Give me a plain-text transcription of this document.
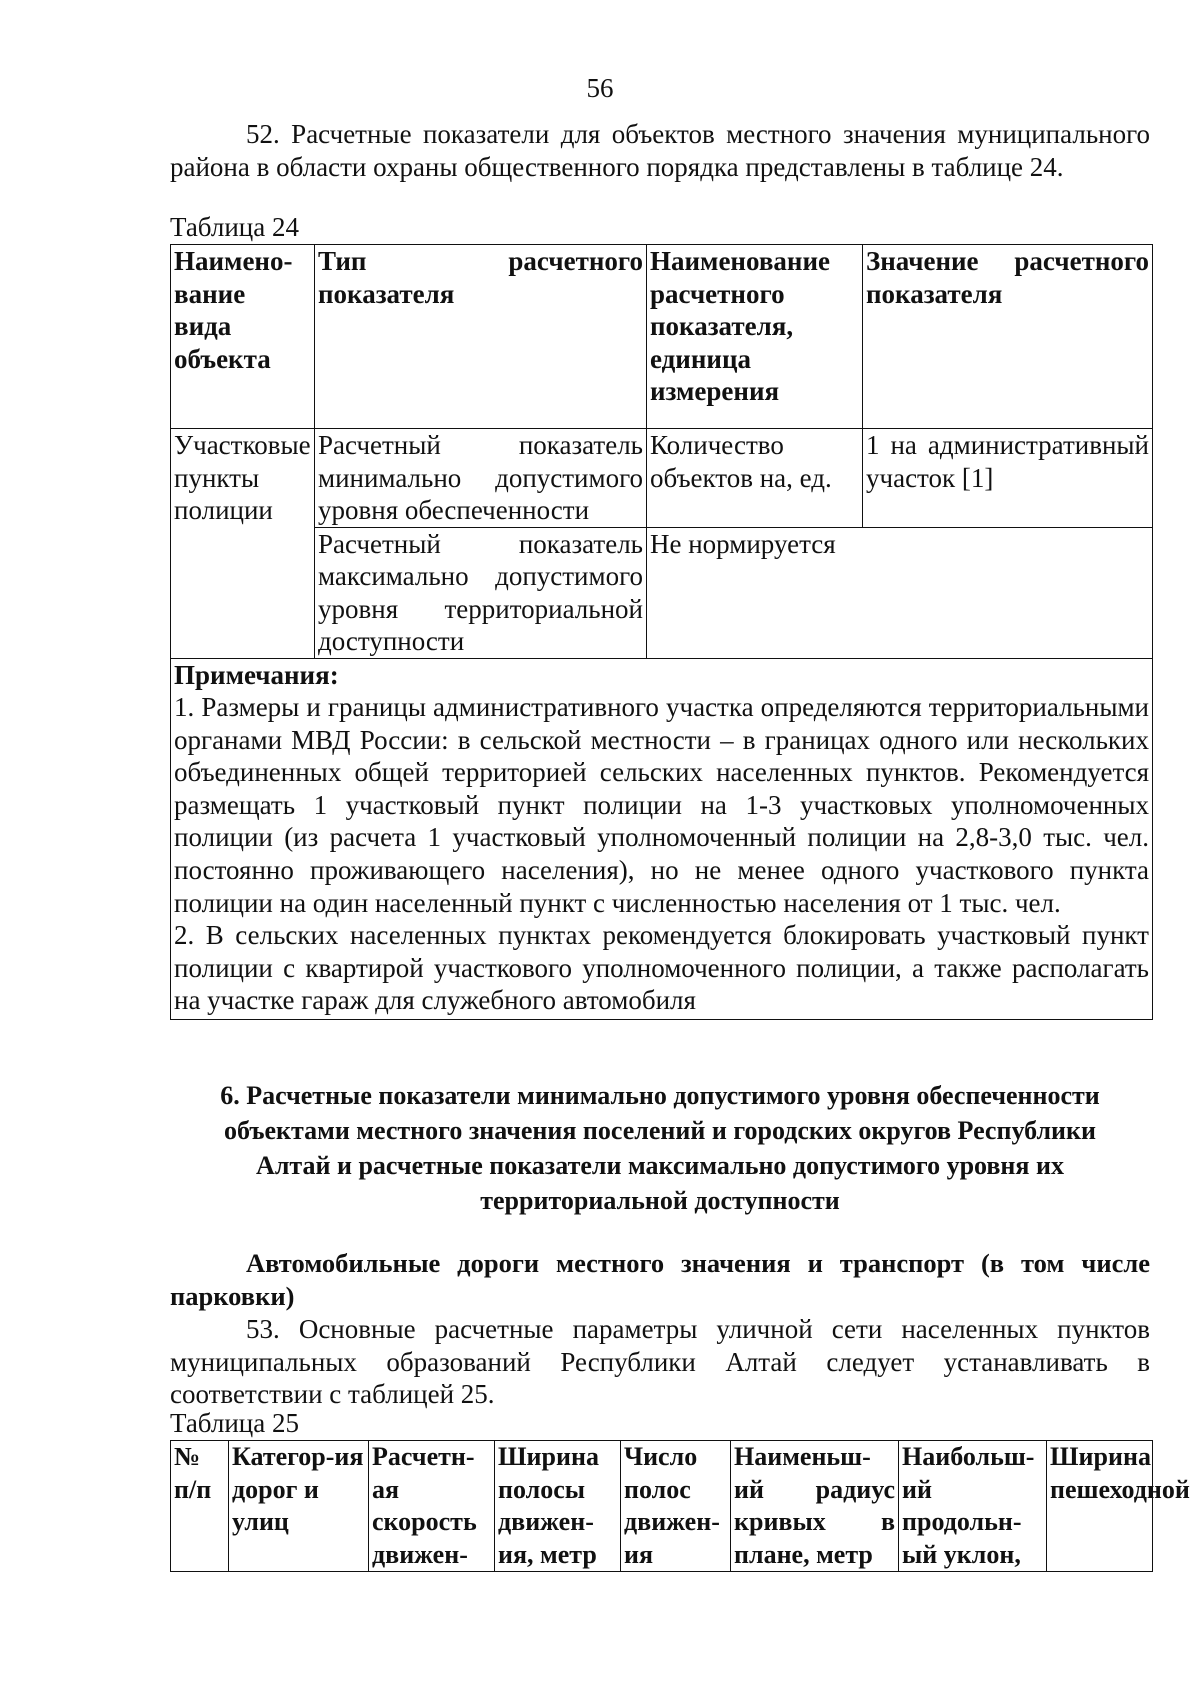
56
52. Расчетные показатели для объектов местного значения муниципального района в области охраны общественного порядка представлены в таблице 24.
Таблица 24
Наимено-вание вида объекта	Тип расчетного показателя	Наименование расчетного показателя, единица измерения	Значение расчетного показателя
Участковые пункты полиции	Расчетный показатель минимально допустимого уровня обеспеченности	Количество объектов на, ед.	1 на административный участок [1]
	Расчетный показатель максимально допустимого уровня территориальной доступности	Не нормируется	

Примечания:
1. Размеры и границы административного участка определяются территориальными органами МВД России: в сельской местности – в границах одного или нескольких объединенных общей территорией сельских населенных пунктов. Рекомендуется размещать 1 участковый пункт полиции на 1-3 участковых уполномоченных полиции (из расчета 1 участковый уполномоченный полиции на 2,8-3,0 тыс. чел. постоянно проживающего населения), но не менее одного участкового пункта полиции на один населенный пункт с численностью населения от 1 тыс. чел.
2. В сельских населенных пунктах рекомендуется блокировать участковый пункт полиции с квартирой участкового уполномоченного полиции, а также располагать на участке гараж для служебного автомобиля			
6. Расчетные показатели минимально допустимого уровня обеспеченности объектами местного значения поселений и городских округов Республики Алтай и расчетные показатели максимально допустимого уровня их территориальной доступности
Автомобильные дороги местного значения и транспорт (в том числе парковки)
53. Основные расчетные параметры уличной сети населенных пунктов муниципальных образований Республики Алтай следует устанавливать в соответствии с таблицей 25.
Таблица 25
№ п/п	Категор-ия дорог и улиц	Расчетн-ая скорость движен-	Ширина полосы движен-ия, метр	Число полос движен-ия	Наименьш-ий радиус кривых в плане, метр	Наибольш-ий продольн-ый уклон,	Ширина пешеходной
